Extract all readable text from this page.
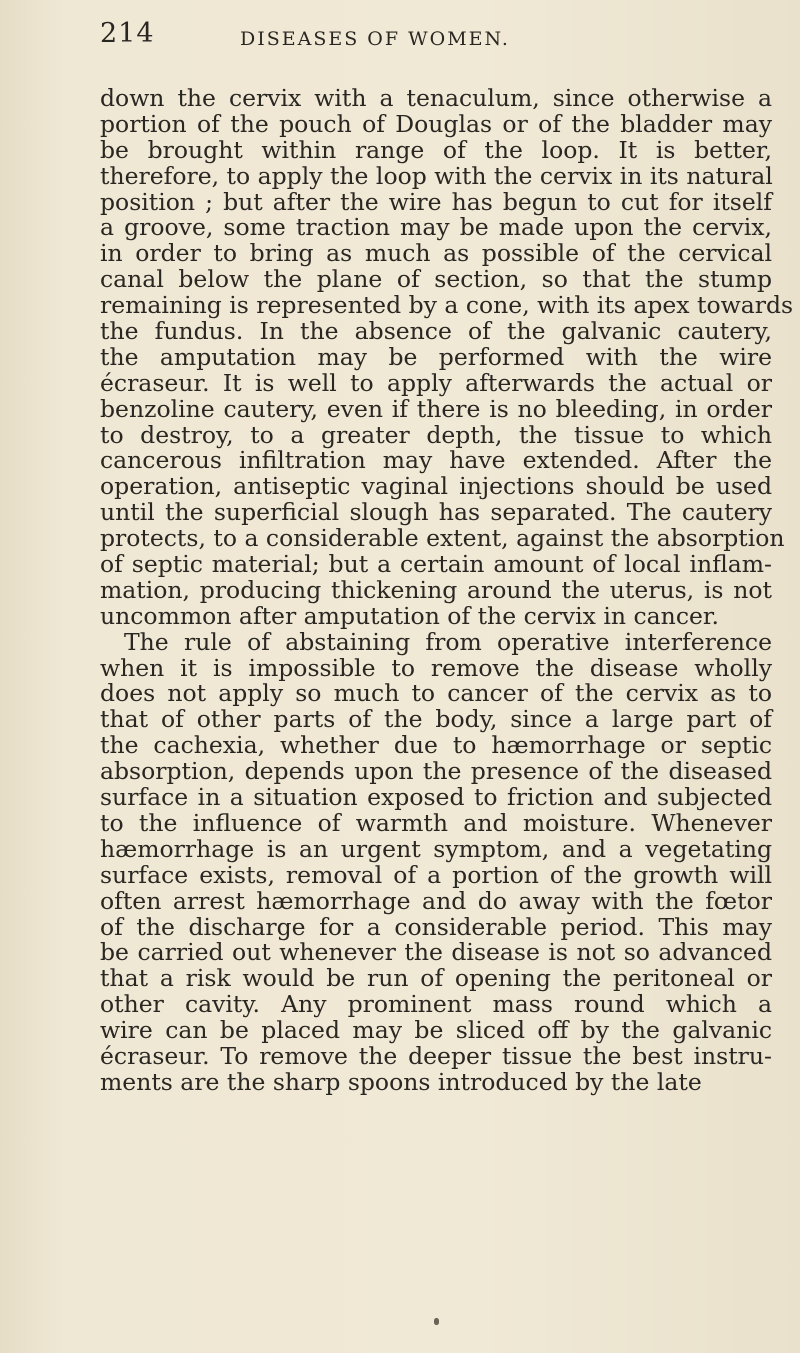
214	DISEASES OF WOMEN.
down the cervix with a tenaculum, since otherwise a
portion of the pouch of Douglas or of the bladder may
be brought within range of the loop. It is better,
therefore, to apply the loop with the cervix in its natural
position ; but after the wire has begun to cut for itself
a groove, some traction may be made upon the cervix,
in order to bring as much as possible of the cervical
canal below the plane of section, so that the stump
remaining is represented by a cone, with its apex towards
the fundus. In the absence of the galvanic cautery,
the amputation may be performed with the wire
écraseur. It is well to apply afterwards the actual or
benzoline cautery, even if there is no bleeding, in order
to destroy, to a greater depth, the tissue to which
cancerous infiltration may have extended. After the
operation, antiseptic vaginal injections should be used
until the superficial slough has separated. The cautery
protects, to a considerable extent, against the absorption
of septic material; but a certain amount of local inflam-
mation, producing thickening around the uterus, is not
uncommon after amputation of the cervix in cancer.
The rule of abstaining from operative interference
when it is impossible to remove the disease wholly
does not apply so much to cancer of the cervix as to
that of other parts of the body, since a large part of
the cachexia, whether due to hæmorrhage or septic
absorption, depends upon the presence of the diseased
surface in a situation exposed to friction and subjected
to the influence of warmth and moisture. Whenever
hæmorrhage is an urgent symptom, and a vegetating
surface exists, removal of a portion of the growth will
often arrest hæmorrhage and do away with the fœtor
of the discharge for a considerable period. This may
be carried out whenever the disease is not so advanced
that a risk would be run of opening the peritoneal or
other cavity. Any prominent mass round which a
wire can be placed may be sliced off by the galvanic
écraseur. To remove the deeper tissue the best instru-
ments are the sharp spoons introduced by the late
